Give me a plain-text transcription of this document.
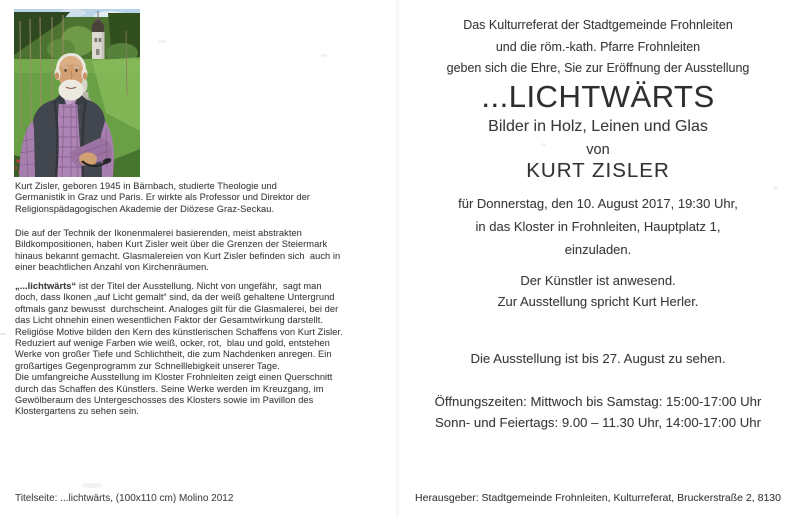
Kurt Zisler, geboren 1945 in Bärnbach, studierte Theologie und
Germanistik in Graz und Paris. Er wirkte als Professor und Direktor der
Religionspädagogischen Akademie der Diözese Graz-Seckau.
Die auf der Technik der Ikonenmalerei basierenden, meist abstrakten
Bildkompositionen, haben Kurt Zisler weit über die Grenzen der Steiermark
hinaus bekannt gemacht. Glasmalereien von Kurt Zisler befinden sich  auch in
einer beachtlichen Anzahl von Kirchenräumen.
„...lichtwärts“ ist der Titel der Ausstellung. Nicht von ungefähr,  sagt man
doch, dass Ikonen „auf Licht gemalt“ sind, da der weiß gehaltene Untergrund
oftmals ganz bewusst  durchscheint. Analoges gilt für die Glasmalerei, bei der
das Licht ohnehin einen wesentlichen Faktor der Gesamtwirkung darstellt.
Religiöse Motive bilden den Kern des künstlerischen Schaffens von Kurt Zisler.
Reduziert auf wenige Farben wie weiß, ocker, rot,  blau und gold, entstehen
Werke von großer Tiefe und Schlichtheit, die zum Nachdenken anregen. Ein
großartiges Gegenprogramm zur Schnelllebigkeit unserer Tage.
Die umfangreiche Ausstellung im Kloster Frohnleiten zeigt einen Querschnitt
durch das Schaffen des Künstlers. Seine Werke werden im Kreuzgang, im
Gewölberaum des Untergeschosses des Klosters sowie im Pavillon des
Klostergartens zu sehen sein.
Titelseite: ...lichtwärts, (100x110 cm) Molino 2012
Das Kulturreferat der Stadtgemeinde Frohnleiten
und die röm.-kath. Pfarre Frohnleiten
geben sich die Ehre, Sie zur Eröffnung der Ausstellung
...LICHTWÄRTS
Bilder in Holz, Leinen und Glas
von
KURT ZISLER
für Donnerstag, den 10. August 2017, 19:30 Uhr,
in das Kloster in Frohnleiten, Hauptplatz 1,
einzuladen.
Der Künstler ist anwesend.
Zur Ausstellung spricht Kurt Herler.
Die Ausstellung ist bis 27. August zu sehen.
Öffnungszeiten: Mittwoch bis Samstag: 15:00-17:00 Uhr
Sonn- und Feiertags: 9.00 – 11.30 Uhr, 14:00-17:00 Uhr
Herausgeber: Stadtgemeinde Frohnleiten, Kulturreferat, Bruckerstraße 2, 8130
